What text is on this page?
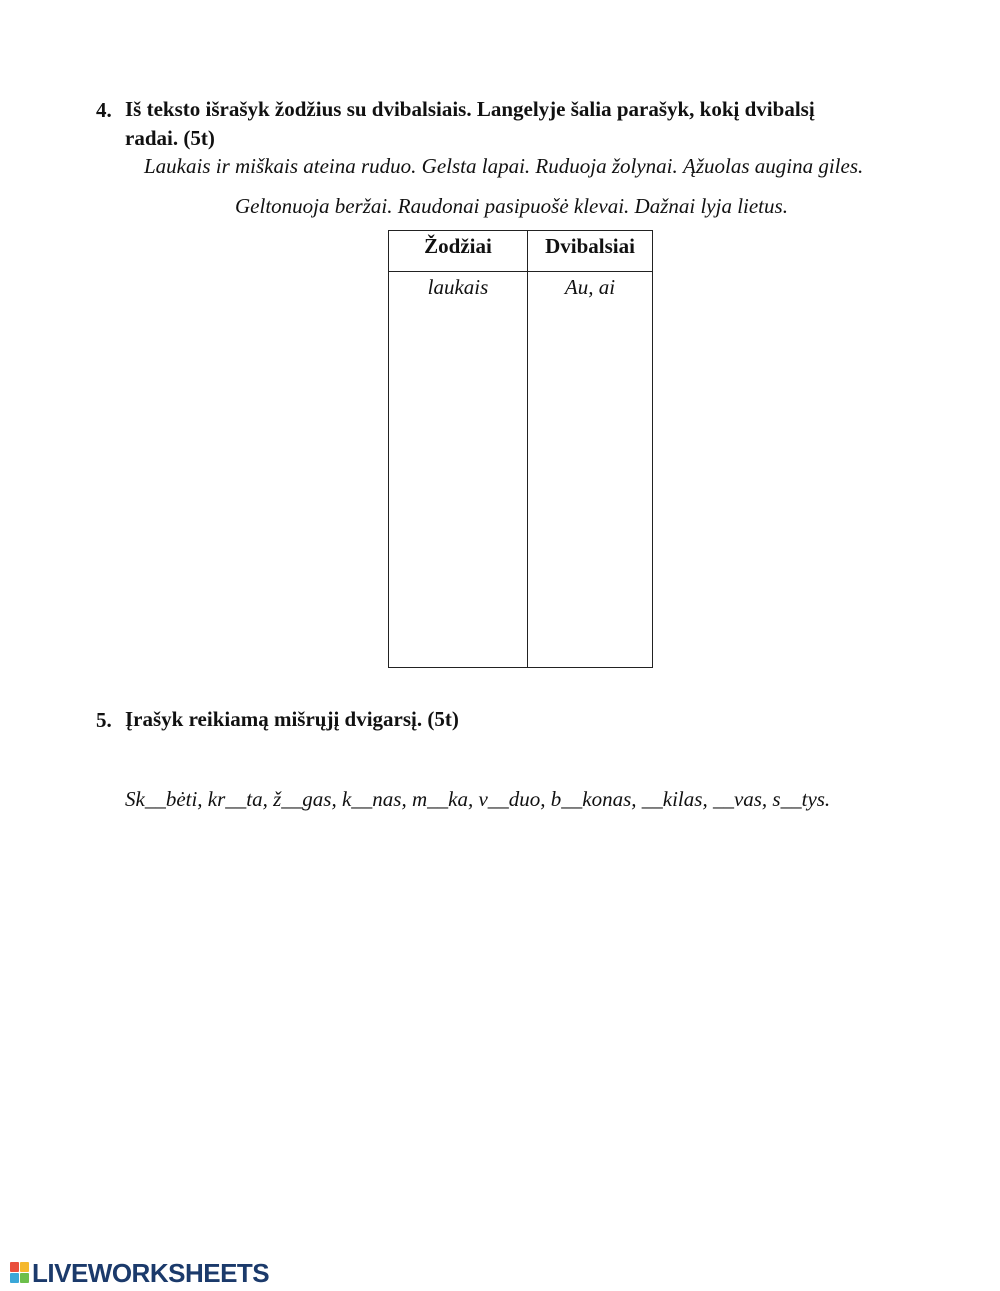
4. Iš teksto išrašyk žodžius su dvibalsiais. Langelyje šalia parašyk, kokį dvibalsį
radai. (5t)
Laukais ir miškais ateina ruduo. Gelsta lapai. Ruduoja žolynai. Ąžuolas augina giles.
Geltonuoja beržai. Raudonai pasipuošė klevai. Dažnai lyja lietus.
Žodžiai	Dvibalsiai
laukais	Au, ai
5. Įrašyk reikiamą mišrųjį dvigarsį. (5t)
Sk__bėti, kr__ta, ž__gas, k__nas, m__ka, v__duo, b__konas, __kilas, __vas, s__tys.
LIVEWORKSHEETS
